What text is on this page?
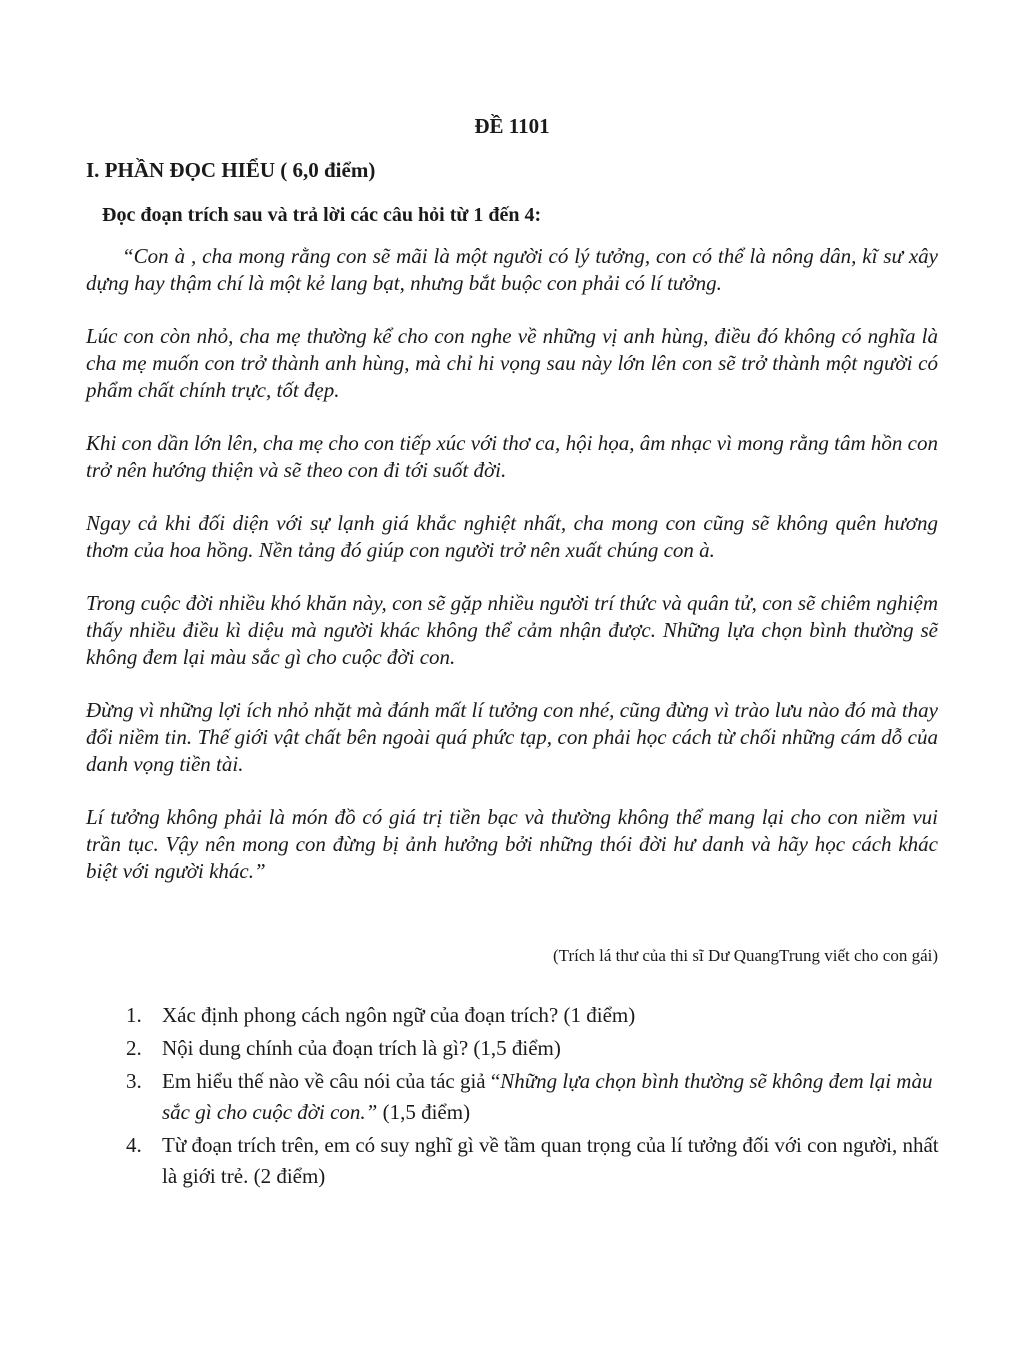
ĐỀ 1101
I. PHẦN ĐỌC HIỂU ( 6,0 điểm)
Đọc đoạn trích sau và trả lời các câu hỏi từ 1 đến 4:

“Con à , cha mong rằng con sẽ mãi là một người có lý tưởng, con có thể là nông dân, kĩ sư xây dựng hay thậm chí là một kẻ lang bạt, nhưng bắt buộc con phải có lí tưởng.

Lúc con còn nhỏ, cha mẹ thường kể cho con nghe về những vị anh hùng, điều đó không có nghĩa là cha mẹ muốn con trở thành anh hùng, mà chỉ hi vọng sau này lớn lên con sẽ trở thành một người có phẩm chất chính trực, tốt đẹp.

Khi con dần lớn lên, cha mẹ cho con tiếp xúc với thơ ca, hội họa, âm nhạc vì mong rằng tâm hồn con trở nên hướng thiện và sẽ theo con đi tới suốt đời.

Ngay cả khi đối diện với sự lạnh giá khắc nghiệt nhất, cha mong con cũng sẽ không quên hương thơm của hoa hồng. Nền tảng đó giúp con người trở nên xuất chúng con à.

Trong cuộc đời nhiều khó khăn này, con sẽ gặp nhiều người trí thức và quân tử, con sẽ chiêm nghiệm thấy nhiều điều kì diệu mà người khác không thể cảm nhận được. Những lựa chọn bình thường sẽ không đem lại màu sắc gì cho cuộc đời con.

Đừng vì những lợi ích nhỏ nhặt mà đánh mất lí tưởng con nhé, cũng đừng vì trào lưu nào đó mà thay đổi niềm tin. Thế giới vật chất bên ngoài quá phức tạp, con phải học cách từ chối những cám dỗ của danh vọng tiền tài.

Lí tưởng không phải là món đồ có giá trị tiền bạc và thường không thể mang lại cho con niềm vui trần tục. Vậy nên mong con đừng bị ảnh hưởng bởi những thói đời hư danh và hãy học cách khác biệt với người khác.”

(Trích lá thư của thi sĩ Dư QuangTrung viết cho con gái)
1. Xác định phong cách ngôn ngữ của đoạn trích? (1 điểm)
2. Nội dung chính của đoạn trích là gì? (1,5 điểm)
3. Em hiểu thế nào về câu nói của tác giả “Những lựa chọn bình thường sẽ không đem lại màu sắc gì cho cuộc đời con.” (1,5 điểm)
4. Từ đoạn trích trên, em có suy nghĩ gì về tầm quan trọng của lí tưởng đối với con người, nhất là giới trẻ. (2 điểm)
